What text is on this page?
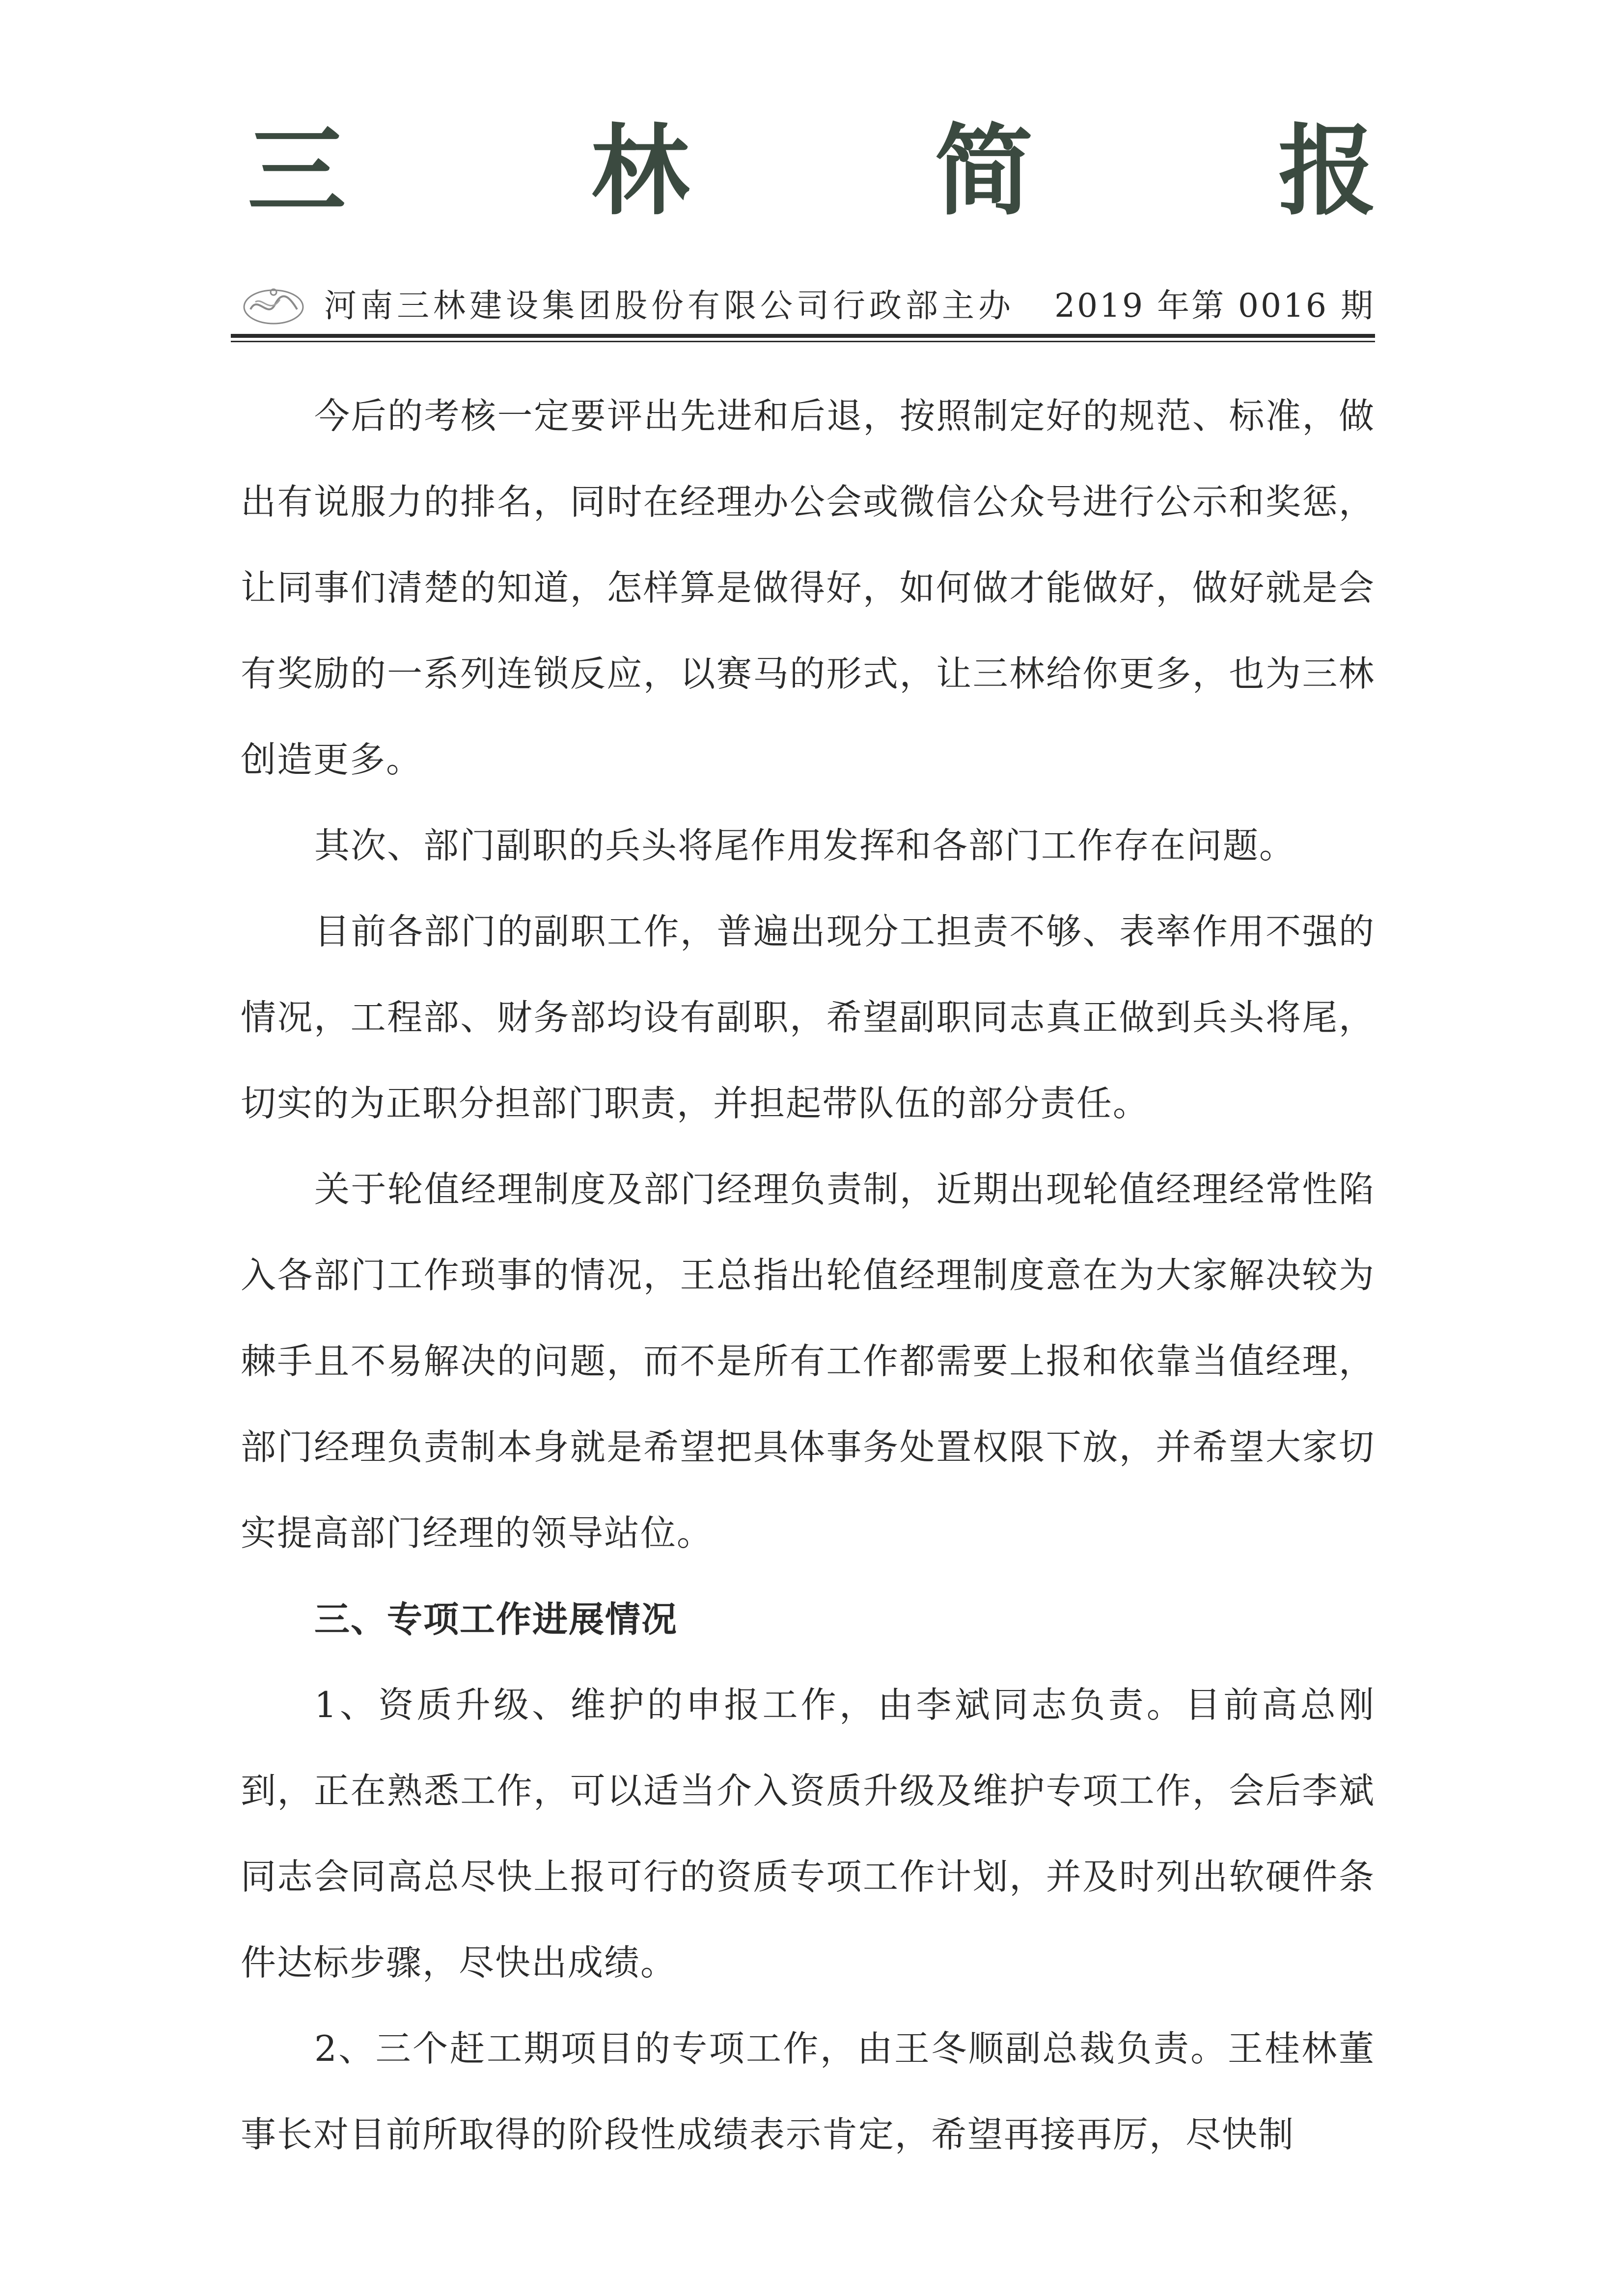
三 林 简 报
河南三林建设集团股份有限公司行政部主办 2019 年第 0016 期

今后的考核一定要评出先进和后退，按照制定好的规范、标准，做出有说服力的排名，同时在经理办公会或微信公众号进行公示和奖惩，让同事们清楚的知道，怎样算是做得好，如何做才能做好，做好就是会有奖励的一系列连锁反应，以赛马的形式，让三林给你更多，也为三林创造更多。

其次、部门副职的兵头将尾作用发挥和各部门工作存在问题。

目前各部门的副职工作，普遍出现分工担责不够、表率作用不强的情况，工程部、财务部均设有副职，希望副职同志真正做到兵头将尾，切实的为正职分担部门职责，并担起带队伍的部分责任。

关于轮值经理制度及部门经理负责制，近期出现轮值经理经常性陷入各部门工作琐事的情况，王总指出轮值经理制度意在为大家解决较为棘手且不易解决的问题，而不是所有工作都需要上报和依靠当值经理，部门经理负责制本身就是希望把具体事务处置权限下放，并希望大家切实提高部门经理的领导站位。

三、专项工作进展情况

1、资质升级、维护的申报工作，由李斌同志负责。目前高总刚到，正在熟悉工作，可以适当介入资质升级及维护专项工作，会后李斌同志会同高总尽快上报可行的资质专项工作计划，并及时列出软硬件条件达标步骤，尽快出成绩。

2、三个赶工期项目的专项工作，由王冬顺副总裁负责。王桂林董事长对目前所取得的阶段性成绩表示肯定，希望再接再厉，尽快制
